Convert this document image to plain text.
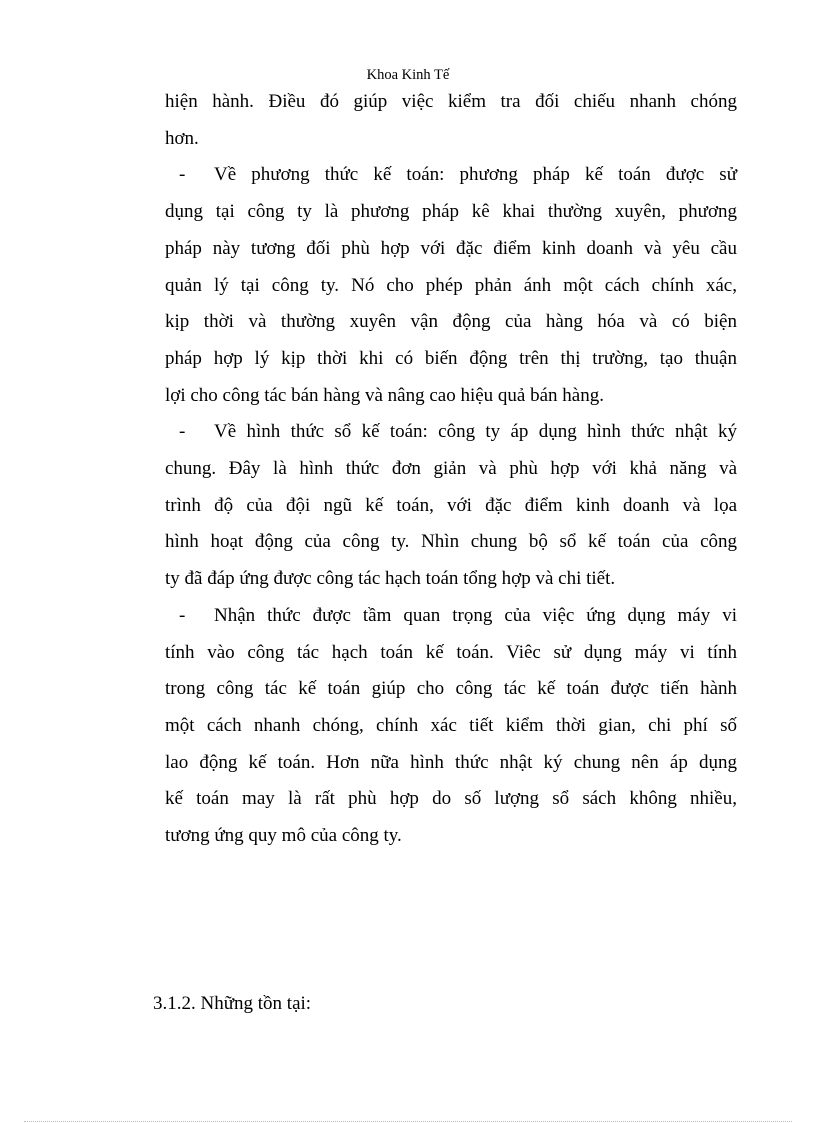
Khoa Kinh Tế
hiện hành. Điều đó giúp việc kiểm tra đối chiếu nhanh chóng
hơn.
- Về phương thức kế toán: phương pháp kế toán được sử
dụng tại công ty là phương pháp kê khai thường xuyên, phương
pháp này tương đối phù hợp với đặc điểm kinh doanh và yêu cầu
quản lý tại công ty. Nó cho phép phản ánh một cách chính xác,
kịp thời và thường xuyên vận động của hàng hóa và có biện
pháp hợp lý kịp thời khi có biến động trên thị trường, tạo thuận
lợi cho công tác bán hàng và nâng cao hiệu quả bán hàng.
- Về hình thức sổ kế toán: công ty áp dụng hình thức nhật ký
chung. Đây là hình thức đơn giản và phù hợp với khả năng và
trình độ của đội ngũ kế toán, với đặc điểm kinh doanh và lọa
hình hoạt động của công ty. Nhìn chung bộ sổ kế toán của công
ty đã đáp ứng được công tác hạch toán tổng hợp và chi tiết.
- Nhận thức được tầm quan trọng của việc ứng dụng máy vi
tính vào công tác hạch toán kế toán. Viêc sử dụng máy vi tính
trong công tác kế toán giúp cho công tác kế toán được tiến hành
một cách nhanh chóng, chính xác tiết kiểm thời gian, chi phí số
lao động kế toán. Hơn nữa hình thức nhật ký chung nên áp dụng
kế toán may là rất phù hợp do số lượng sổ sách không nhiều,
tương ứng quy mô của công ty.
3.1.2. Những tồn tại:
